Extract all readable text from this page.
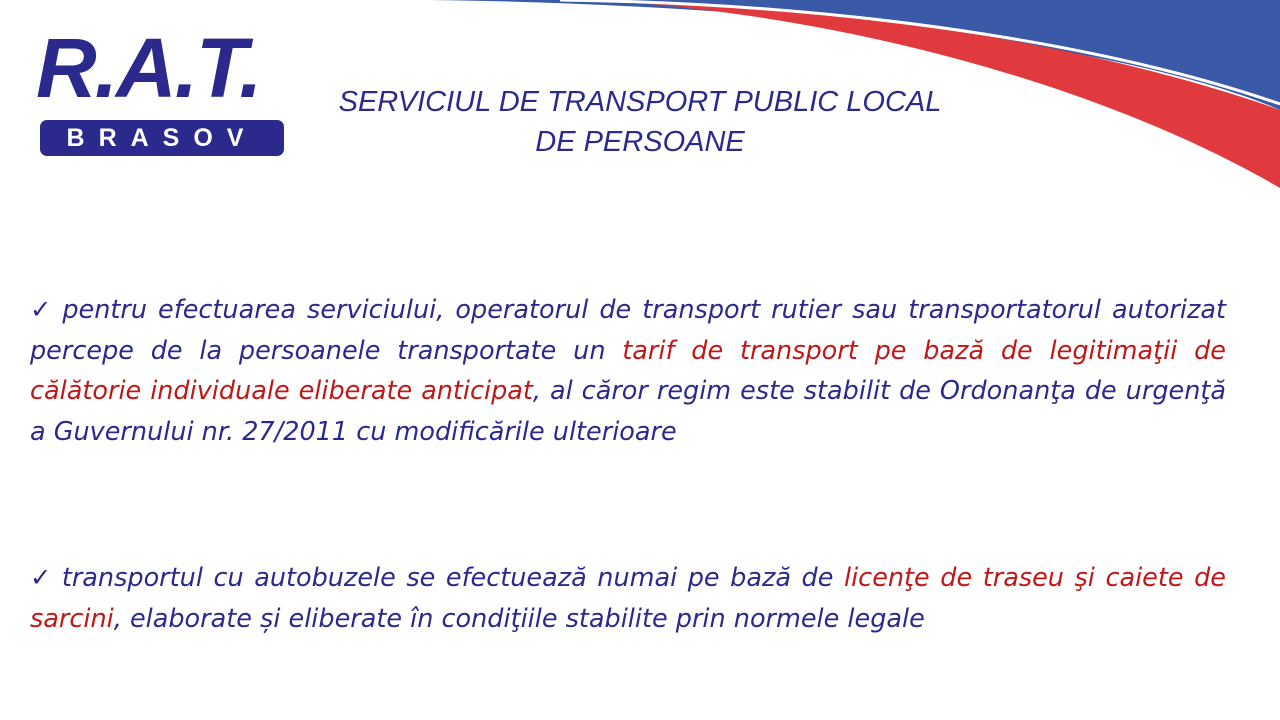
R.A.T.
BRASOV
SERVICIUL DE TRANSPORT PUBLIC LOCAL
DE PERSOANE
✓ pentru efectuarea serviciului, operatorul de transport rutier sau transportatorul autorizat percepe de la persoanele transportate un tarif de transport pe bază de legitimaţii de călătorie individuale eliberate anticipat, al căror regim este stabilit de Ordonanţa de urgenţă a Guvernului nr. 27/2011 cu modificările ulterioare
✓ transportul cu autobuzele se efectuează numai pe bază de licenţe de traseu şi caiete de sarcini, elaborate și eliberate în condiţiile stabilite prin normele legale
